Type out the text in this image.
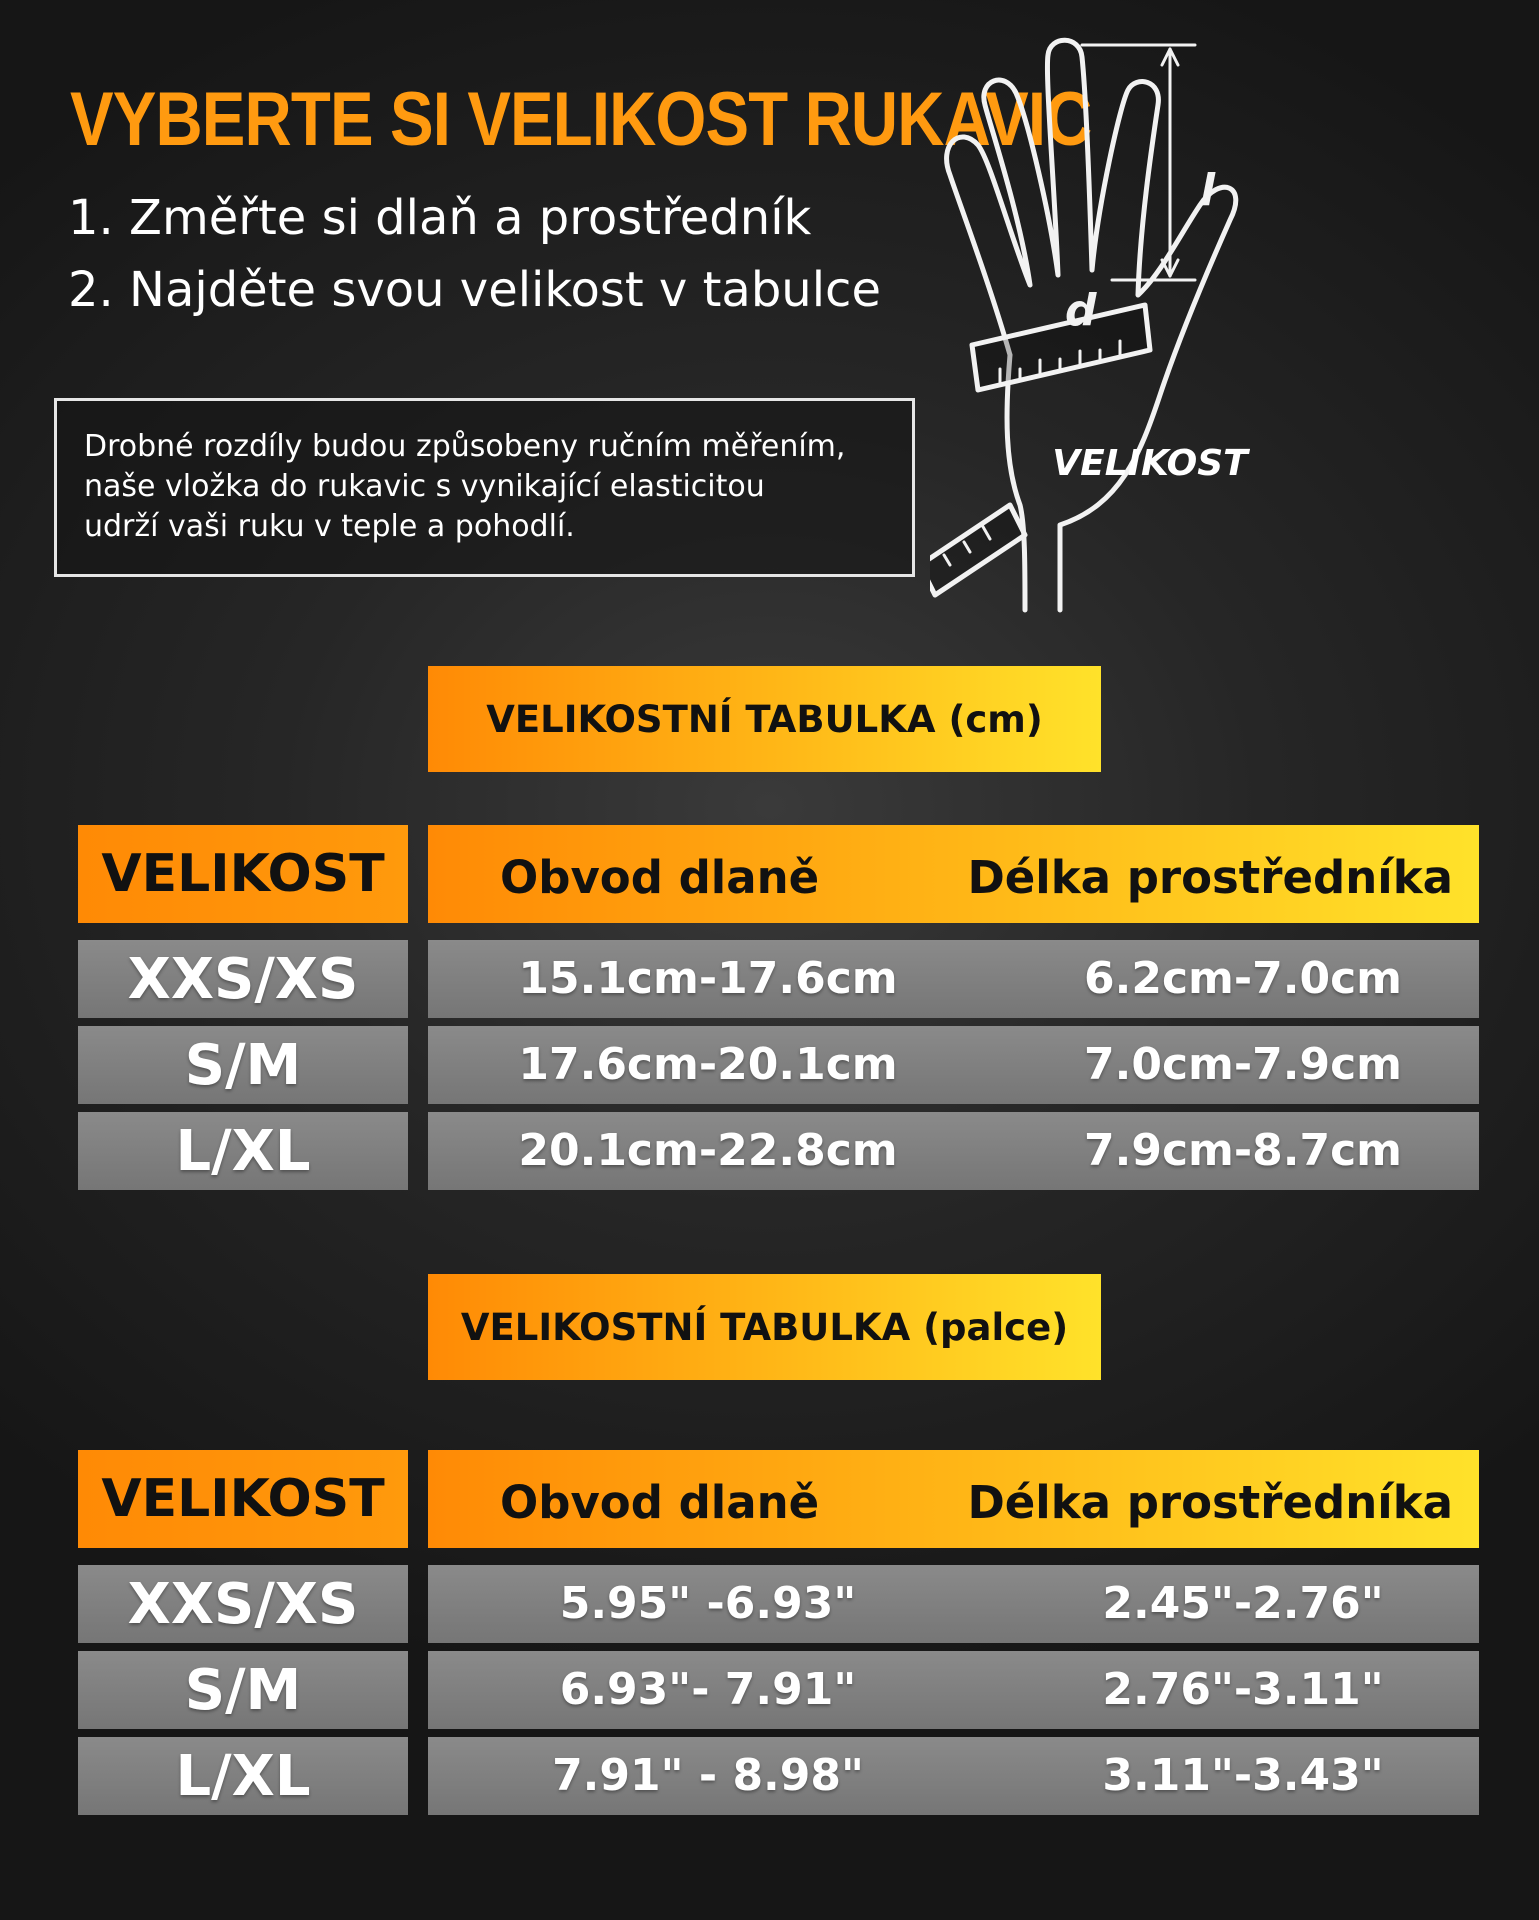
VYBERTE SI VELIKOST RUKAVIC
1. Změřte si dlaň a prostředník
2. Najděte svou velikost v tabulce

Drobné rozdíly budou způsobeny ručním měřením,
naše vložka do rukavic s vynikající elasticitou
udrží vaši ruku v teple a pohodlí.

l
d
VELIKOST
VELIKOSTNÍ TABULKA (cm)
VELIKOST	Obvod dlaně	Délka prostředníka
XXS/XS	15.1cm-17.6cm	6.2cm-7.0cm
S/M	17.6cm-20.1cm	7.0cm-7.9cm
L/XL	20.1cm-22.8cm	7.9cm-8.7cm
VELIKOSTNÍ TABULKA (palce)
VELIKOST	Obvod dlaně	Délka prostředníka
XXS/XS	5.95" -6.93"	2.45"-2.76"
S/M	6.93"- 7.91"	2.76"-3.11"
L/XL	7.91" - 8.98"	3.11"-3.43"
